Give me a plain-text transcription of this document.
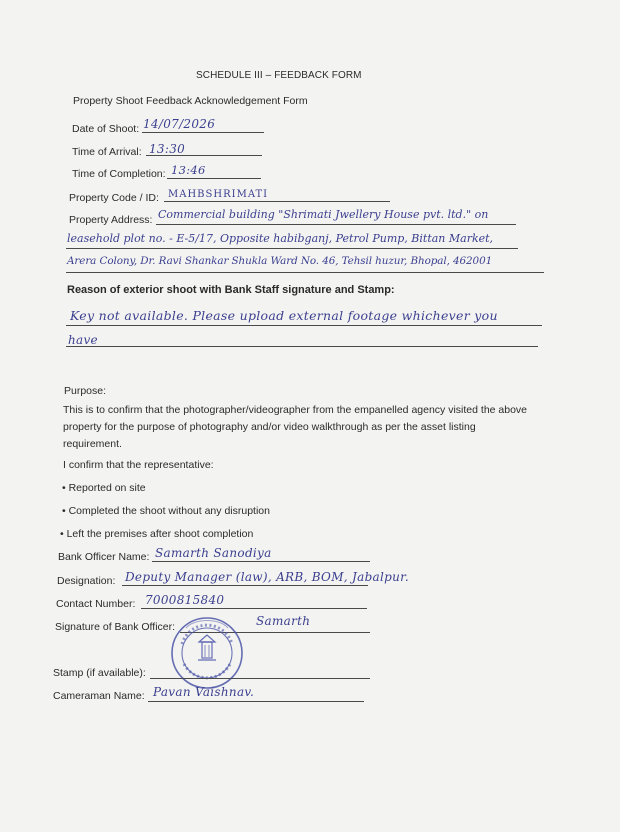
SCHEDULE III – FEEDBACK FORM
Property Shoot Feedback Acknowledgement Form
Date of Shoot: 14/07/2026
Time of Arrival: 13:30
Time of Completion: 13:46
Property Code / ID: MAHBSHRIMATI
Property Address: Commercial building "Shrimati Jwellery House pvt. ltd." on
leasehold plot no. - E-5/17, Opposite habibganj, Petrol Pump, Bittan Market,
Arera Colony, Dr. Ravi Shankar Shukla Ward No. 46, Tehsil huzur, Bhopal, 462001
Reason of exterior shoot with Bank Staff signature and Stamp:
Key not available. Please upload external footage whichever you
have
Purpose:
This is to confirm that the photographer/videographer from the empanelled agency visited the above property for the purpose of photography and/or video walkthrough as per the asset listing requirement.
I confirm that the representative:
• Reported on site
• Completed the shoot without any disruption
• Left the premises after shoot completion
Bank Officer Name: Samarth Sanodiya
Designation: Deputy Manager (law), ARB, BOM, Jabalpur.
Contact Number: 7000815840
Signature of Bank Officer:	Samarth
Stamp (if available):
Cameraman Name: Pavan Vaishnav.
